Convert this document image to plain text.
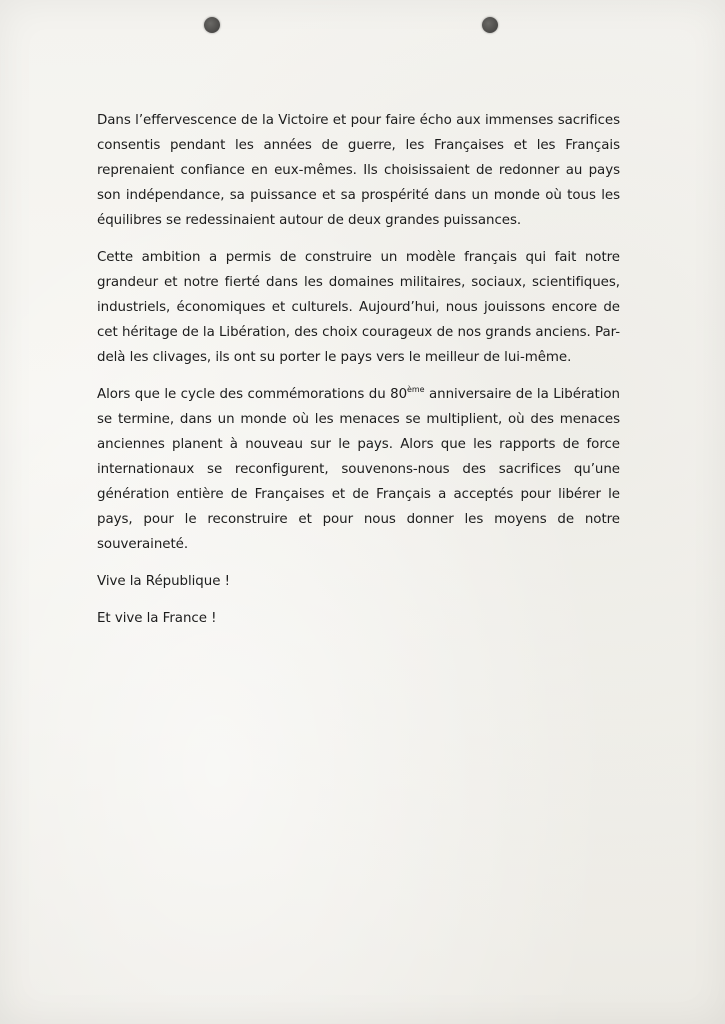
Dans l’effervescence de la Victoire et pour faire écho aux immenses sacrifices consentis pendant les années de guerre, les Françaises et les Français reprenaient confiance en eux-mêmes. Ils choisissaient de redonner au pays son indépendance, sa puissance et sa prospérité dans un monde où tous les équilibres se redessinaient autour de deux grandes puissances.

Cette ambition a permis de construire un modèle français qui fait notre grandeur et notre fierté dans les domaines militaires, sociaux, scientifiques, industriels, économiques et culturels. Aujourd’hui, nous jouissons encore de cet héritage de la Libération, des choix courageux de nos grands anciens. Par-delà les clivages, ils ont su porter le pays vers le meilleur de lui-même.

Alors que le cycle des commémorations du 80ème anniversaire de la Libération se termine, dans un monde où les menaces se multiplient, où des menaces anciennes planent à nouveau sur le pays. Alors que les rapports de force internationaux se reconfigurent, souvenons-nous des sacrifices qu’une génération entière de Françaises et de Français a acceptés pour libérer le pays, pour le reconstruire et pour nous donner les moyens de notre souveraineté.

Vive la République !

Et vive la France !
